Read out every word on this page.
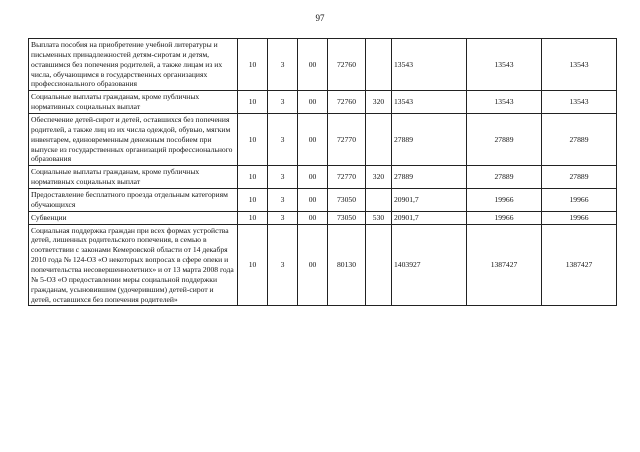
97
Выплата пособия на приобретение учебной литературы и письменных принадлежностей детям-сиротам и детям, оставшимся без попечения родителей, а также лицам из их числа, обучающимся в государственных организациях профессионального образования	10	3	00	72760		13543	13543	13543
Социальные выплаты гражданам, кроме публичных нормативных социальных выплат	10	3	00	72760	320	13543	13543	13543
Обеспечение детей-сирот и детей, оставшихся без попечения родителей, а также лиц из их числа одеждой, обувью, мягким инвентарем, единовременным денежным пособием при выпуске из государственных организаций профессионального образования	10	3	00	72770		27889	27889	27889
Социальные выплаты гражданам, кроме публичных нормативных социальных выплат	10	3	00	72770	320	27889	27889	27889
Предоставление бесплатного проезда отдельным категориям обучающихся	10	3	00	73050		20901,7	19966	19966
Субвенции	10	3	00	73050	530	20901,7	19966	19966
Социальная поддержка граждан при всех формах устройства детей, лишенных родительского попечения, в семью в соответствии с законами Кемеровской области от 14 декабря 2010 года № 124-ОЗ «О некоторых вопросах в сфере опеки и попечительства несовершеннолетних» и от 13 марта 2008 года № 5-ОЗ «О предоставлении меры социальной поддержки гражданам, усыновившим (удочерившим) детей-сирот и детей, оставшихся без попечения родителей»	10	3	00	80130		1403927	1387427	1387427
